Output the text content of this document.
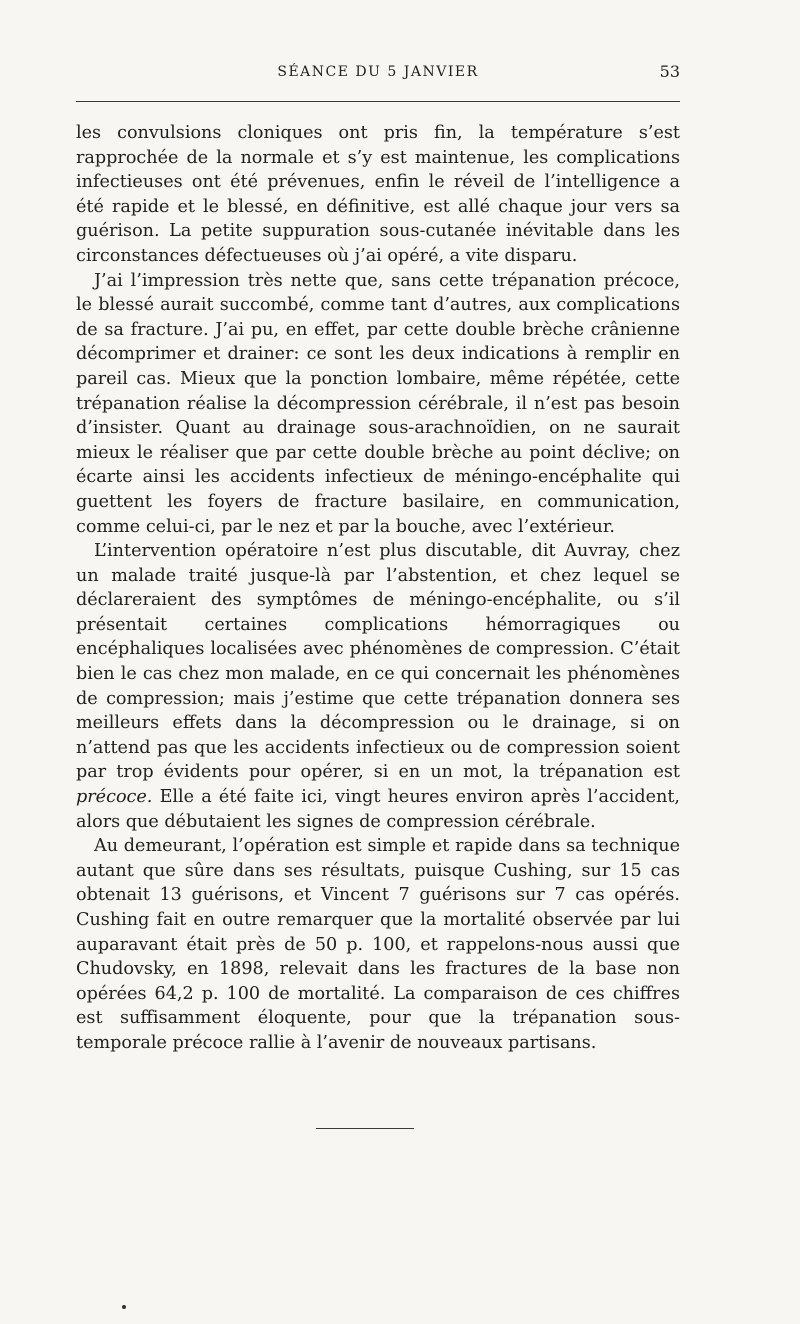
SÉANCE DU 5 JANVIER	53

les convulsions cloniques ont pris fin, la température s’est rapprochée de la normale et s’y est maintenue, les complications infectieuses ont été prévenues, enfin le réveil de l’intelligence a été rapide et le blessé, en définitive, est allé chaque jour vers sa guérison. La petite suppuration sous-cutanée inévitable dans les circonstances défectueuses où j’ai opéré, a vite disparu.

J’ai l’impression très nette que, sans cette trépanation précoce, le blessé aurait succombé, comme tant d’autres, aux complications de sa fracture. J’ai pu, en effet, par cette double brèche crânienne décomprimer et drainer: ce sont les deux indications à remplir en pareil cas. Mieux que la ponction lombaire, même répétée, cette trépanation réalise la décompression cérébrale, il n’est pas besoin d’insister. Quant au drainage sous-arachnoïdien, on ne saurait mieux le réaliser que par cette double brèche au point déclive; on écarte ainsi les accidents infectieux de méningo-encéphalite qui guettent les foyers de fracture basilaire, en communication, comme celui-ci, par le nez et par la bouche, avec l’extérieur.

L’intervention opératoire n’est plus discutable, dit Auvray, chez un malade traité jusque-là par l’abstention, et chez lequel se déclareraient des symptômes de méningo-encéphalite, ou s’il présentait certaines complications hémorragiques ou encéphaliques localisées avec phénomènes de compression. C’était bien le cas chez mon malade, en ce qui concernait les phénomènes de compression; mais j’estime que cette trépanation donnera ses meilleurs effets dans la décompression ou le drainage, si on n’attend pas que les accidents infectieux ou de compression soient par trop évidents pour opérer, si en un mot, la trépanation est précoce. Elle a été faite ici, vingt heures environ après l’accident, alors que débutaient les signes de compression cérébrale.

Au demeurant, l’opération est simple et rapide dans sa technique autant que sûre dans ses résultats, puisque Cushing, sur 15 cas obtenait 13 guérisons, et Vincent 7 guérisons sur 7 cas opérés. Cushing fait en outre remarquer que la mortalité observée par lui auparavant était près de 50 p. 100, et rappelons-nous aussi que Chudovsky, en 1898, relevait dans les fractures de la base non opérées 64,2 p. 100 de mortalité. La comparaison de ces chiffres est suffisamment éloquente, pour que la trépanation sous-temporale précoce rallie à l’avenir de nouveaux partisans.
